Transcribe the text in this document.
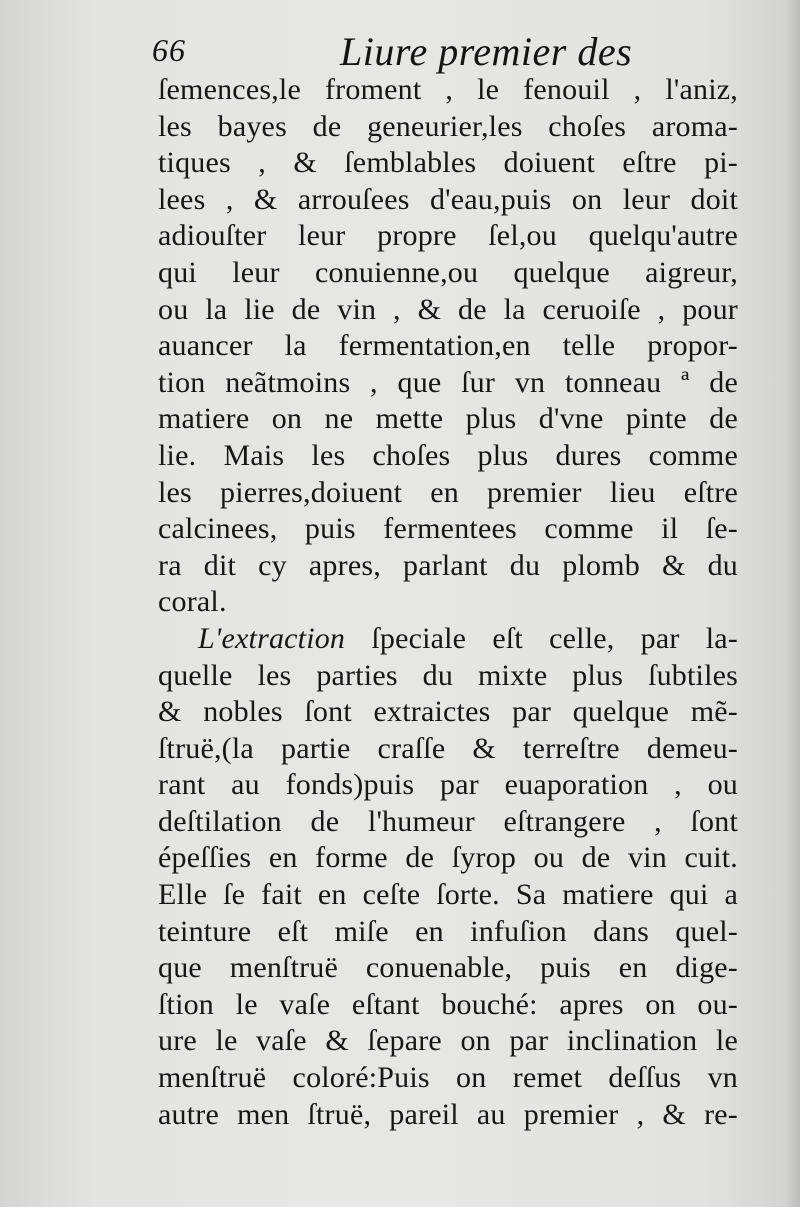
66	Liure premier des
ſemences,le froment , le fenouil , l'aniz,
les bayes de geneurier,les choſes aroma-
tiques , & ſemblables doiuent eſtre pi-
lees , & arrouſees d'eau,puis on leur doit
adiouſter leur propre ſel,ou quelqu'autre
qui leur conuienne,ou quelque aigreur,
ou la lie de vin , & de la ceruoiſe , pour
auancer la fermentation,en telle propor-
tion neãtmoins , que ſur vn tonneau ª de
matiere on ne mette plus d'vne pinte de
lie. Mais les choſes plus dures comme
les pierres,doiuent en premier lieu eſtre
calcinees, puis fermentees comme il ſe-
ra dit cy apres, parlant du plomb & du
coral.
L'extraction ſpeciale eſt celle, par la-
quelle les parties du mixte plus ſubtiles
& nobles ſont extraictes par quelque mẽ-
ſtruë,(la partie craſſe & terreſtre demeu-
rant au fonds)puis par euaporation , ou
deſtilation de l'humeur eſtrangere , ſont
épeſſies en forme de ſyrop ou de vin cuit.
Elle ſe fait en ceſte ſorte. Sa matiere qui a
teinture eſt miſe en infuſion dans quel-
que menſtruë conuenable, puis en dige-
ſtion le vaſe eſtant bouché: apres on ou-
ure le vaſe & ſepare on par inclination le
menſtruë coloré:Puis on remet deſſus vn
autre men ſtruë, pareil au premier , & re-
